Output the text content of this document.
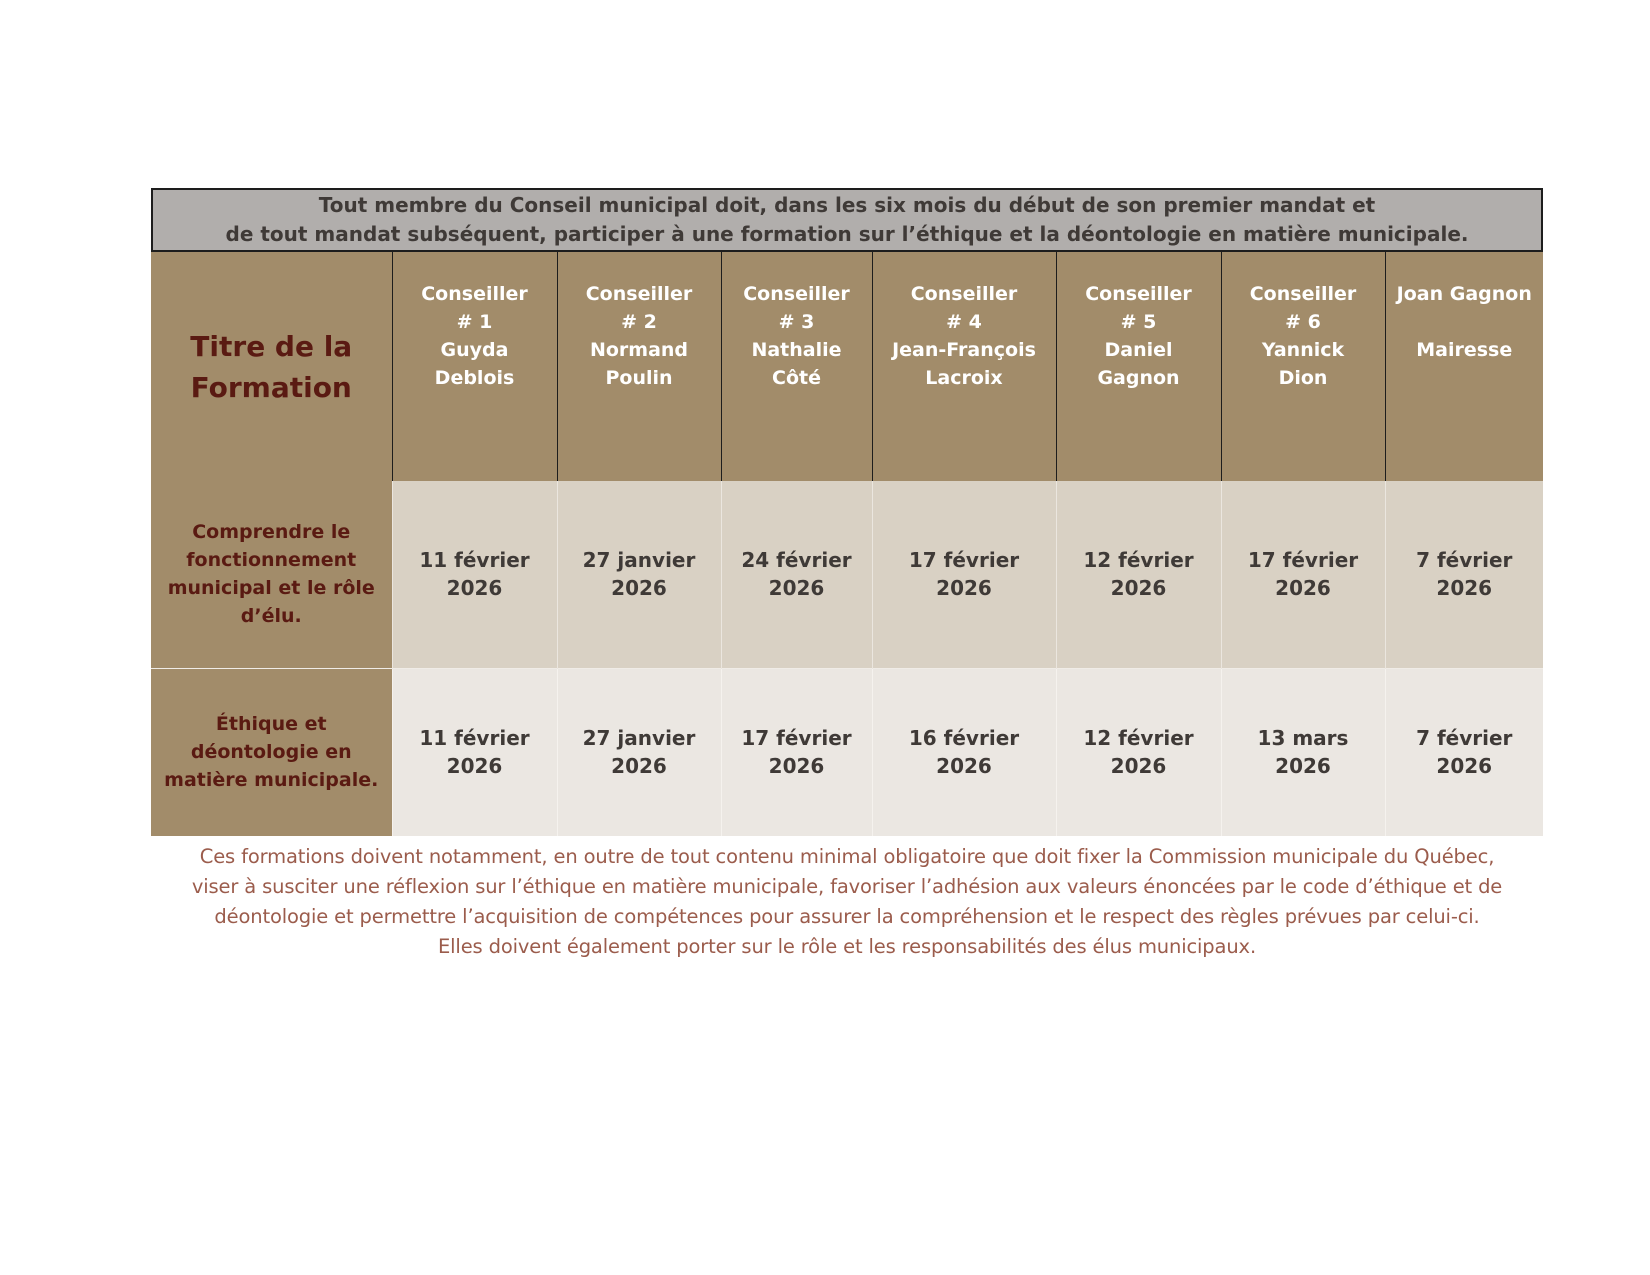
Tout membre du Conseil municipal doit, dans les six mois du début de son premier mandat et
de tout mandat subséquent, participer à une formation sur l’éthique et la déontologie en matière municipale.
Titre de la
Formation	Conseiller
# 1
Guyda
Deblois	Conseiller
# 2
Normand
Poulin	Conseiller
# 3
Nathalie
Côté	Conseiller
# 4
Jean-François
Lacroix	Conseiller
# 5
Daniel
Gagnon	Conseiller
# 6
Yannick
Dion	Joan Gagnon
Mairesse

Comprendre le
fonctionnement
municipal et le rôle
d’élu.	11 février
2026	27 janvier
2026	24 février
2026	17 février
2026	12 février
2026	17 février
2026	7 février
2026

Éthique et
déontologie en
matière municipale.	11 février
2026	27 janvier
2026	17 février
2026	16 février
2026	12 février
2026	13 mars
2026	7 février
2026
Ces formations doivent notamment, en outre de tout contenu minimal obligatoire que doit fixer la Commission municipale du Québec,
viser à susciter une réflexion sur l’éthique en matière municipale, favoriser l’adhésion aux valeurs énoncées par le code d’éthique et de
déontologie et permettre l’acquisition de compétences pour assurer la compréhension et le respect des règles prévues par celui-ci.
Elles doivent également porter sur le rôle et les responsabilités des élus municipaux.
